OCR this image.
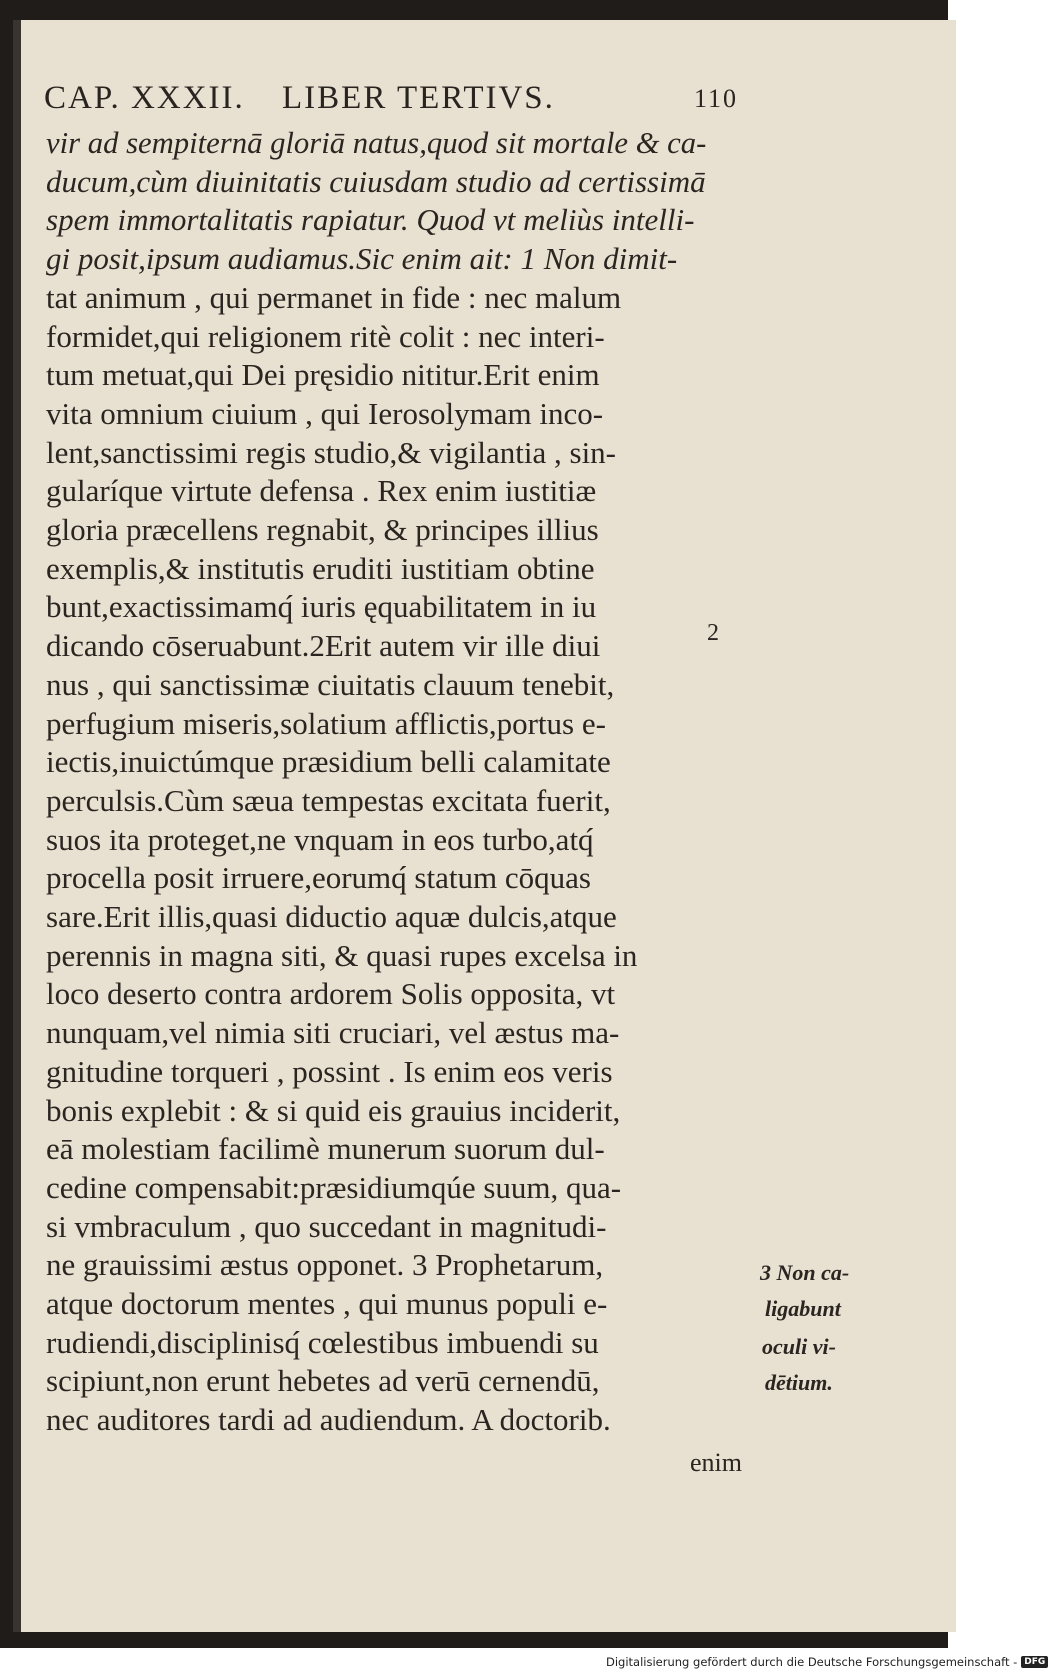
CAP. XXXII. LIBER TERTIVS.	110
vir ad sempiternā gloriā natus,quod sit mortale & ca-
ducum,cùm diuinitatis cuiusdam studio ad certissimā
spem immortalitatis rapiatur. Quod vt meliùs intelli-
gi posit,ipsum audiamus.Sic enim ait: 1 Non dimit-
tat animum , qui permanet in fide : nec malum
formidet,qui religionem ritè colit : nec interi-
tum metuat,qui Dei pręsidio nititur.Erit enim
vita omnium ciuium , qui Ierosolymam inco-
lent,sanctissimi regis studio,& vigilantia , sin-
gularíque virtute defensa . Rex enim iustitiæ
gloria præcellens regnabit, & principes illius
exemplis,& institutis eruditi iustitiam obtine
bunt,exactissimamq́ iuris ęquabilitatem in iu
dicando cōseruabunt.2Erit autem vir ille diui
nus , qui sanctissimæ ciuitatis clauum tenebit,
perfugium miseris,solatium afflictis,portus e-
iectis,inuictúmque præsidium belli calamitate
perculsis.Cùm sæua tempestas excitata fuerit,
suos ita proteget,ne vnquam in eos turbo,atq́
procella posit irruere,eorumq́ statum cōquas
sare.Erit illis,quasi diductio aquæ dulcis,atque
perennis in magna siti, & quasi rupes excelsa in
loco deserto contra ardorem Solis opposita, vt
nunquam,vel nimia siti cruciari, vel æstus ma-
gnitudine torqueri , possint . Is enim eos veris
bonis explebit : & si quid eis grauius inciderit,
eā molestiam facilimè munerum suorum dul-
cedine compensabit:præsidiumqúe suum, qua-
si vmbraculum , quo succedant in magnitudi-
ne grauissimi æstus opponet. 3 Prophetarum,
atque doctorum mentes , qui munus populi e-
rudiendi,disciplinisq́ cœlestibus imbuendi su
scipiunt,non erunt hebetes ad verū cernendū,
nec auditores tardi ad audiendum. A doctorib.
2
3 Non ca-
ligabunt
oculi vi-
dētium.
enim
Digitalisierung gefördert durch die Deutsche Forschungsgemeinschaft - DFG
